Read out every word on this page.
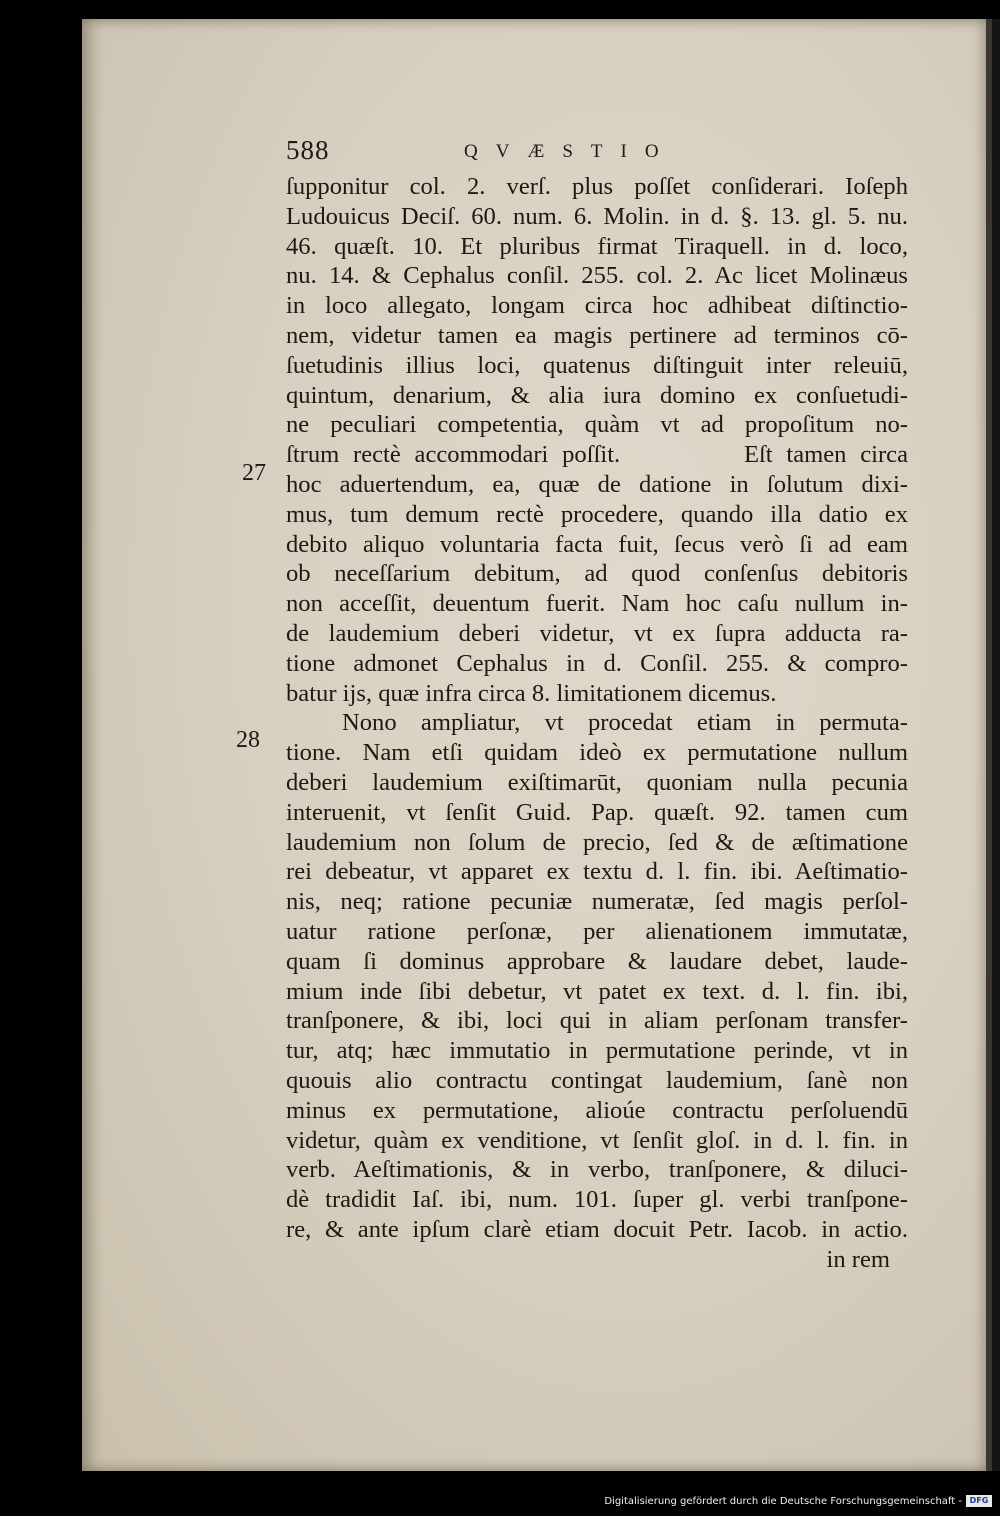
588	QVÆSTIO
27
28
ſupponitur col. 2. verſ. plus poſſet conſiderari. Ioſeph
Ludouicus Deciſ. 60. num. 6. Molin. in d. §. 13. gl. 5. nu.
46. quæſt. 10. Et pluribus firmat Tiraquell. in d. loco,
nu. 14. & Cephalus conſil. 255. col. 2. Ac licet Molinæus
in loco allegato, longam circa hoc adhibeat diſtinctio-
nem, videtur tamen ea magis pertinere ad terminos cō-
ſuetudinis illius loci, quatenus diſtinguit inter releuiū,
quintum, denarium, & alia iura domino ex conſuetudi-
ne peculiari competentia, quàm vt ad propoſitum no-
ſtrum rectè accommodari poſſit.         Eſt tamen circa
hoc aduertendum, ea, quæ de datione in ſolutum dixi-
mus, tum demum rectè procedere, quando illa datio ex
debito aliquo voluntaria facta fuit, ſecus verò ſi ad eam
ob neceſſarium debitum, ad quod conſenſus debitoris
non acceſſit, deuentum fuerit. Nam hoc caſu nullum in-
de laudemium deberi videtur, vt ex ſupra adducta ra-
tione admonet Cephalus in d. Conſil. 255. & compro-
batur ijs, quæ infra circa 8. limitationem dicemus.
Nono ampliatur, vt procedat etiam in permuta-
tione. Nam etſi quidam ideò ex permutatione nullum
deberi laudemium exiſtimarūt, quoniam nulla pecunia
interuenit, vt ſenſit Guid. Pap. quæſt. 92. tamen cum
laudemium non ſolum de precio, ſed & de æſtimatione
rei debeatur, vt apparet ex textu d. l. fin. ibi. Aeſtimatio-
nis, neq; ratione pecuniæ numeratæ, ſed magis perſol-
uatur ratione perſonæ, per alienationem immutatæ,
quam ſi dominus approbare & laudare debet, laude-
mium inde ſibi debetur, vt patet ex text. d. l. fin. ibi,
tranſponere, & ibi, loci qui in aliam perſonam transfer-
tur, atq; hæc immutatio in permutatione perinde, vt in
quouis alio contractu contingat laudemium, ſanè non
minus ex permutatione, alioúe contractu perſoluendū
videtur, quàm ex venditione, vt ſenſit gloſ. in d. l. fin. in
verb. Aeſtimationis, & in verbo, tranſponere, & diluci-
dè tradidit Iaſ. ibi, num. 101. ſuper gl. verbi tranſpone-
re, & ante ipſum clarè etiam docuit Petr. Iacob. in actio.
in rem
Digitalisierung gefördert durch die Deutsche Forschungsgemeinschaft - DFG
